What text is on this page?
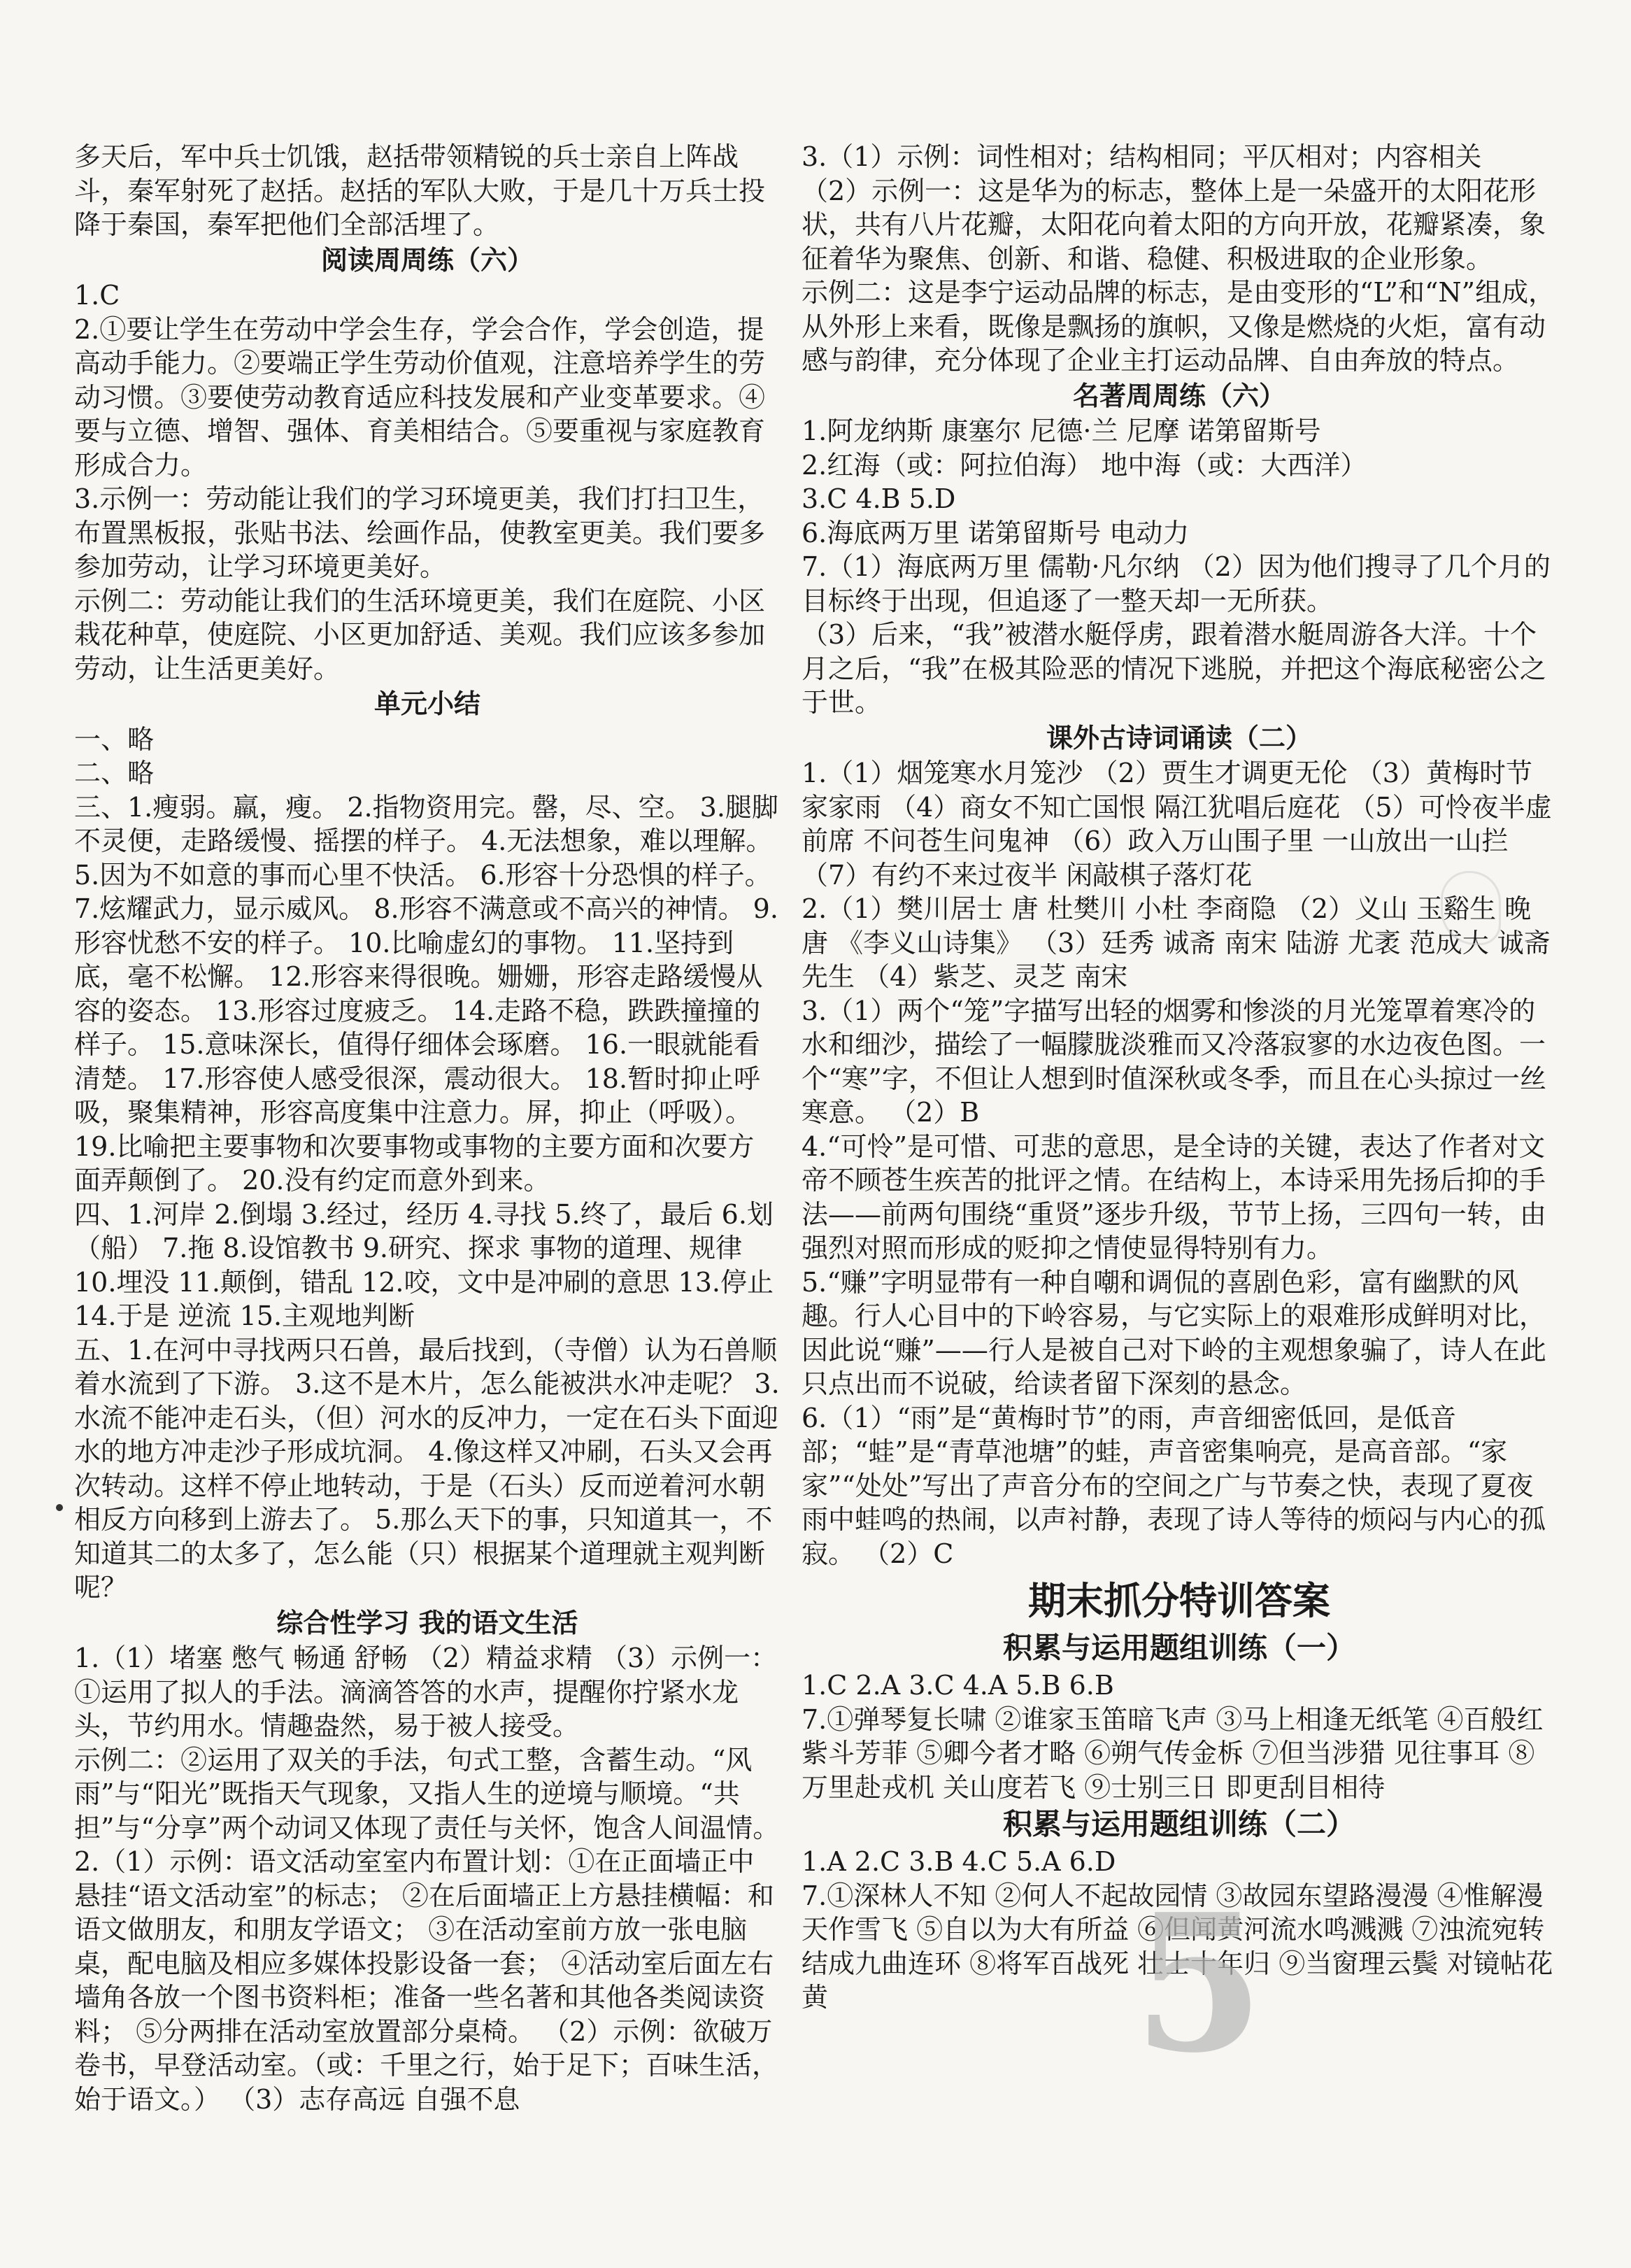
多天后，军中兵士饥饿，赵括带领精锐的兵士亲自上阵战斗，秦军射死了赵括。赵括的军队大败，于是几十万兵士投降于秦国，秦军把他们全部活埋了。

阅读周周练（六）

1.C

2.①要让学生在劳动中学会生存，学会合作，学会创造，提高动手能力。②要端正学生劳动价值观，注意培养学生的劳动习惯。③要使劳动教育适应科技发展和产业变革要求。④要与立德、增智、强体、育美相结合。⑤要重视与家庭教育形成合力。

3.示例一：劳动能让我们的学习环境更美，我们打扫卫生，布置黑板报，张贴书法、绘画作品，使教室更美。我们要多参加劳动，让学习环境更美好。

示例二：劳动能让我们的生活环境更美，我们在庭院、小区栽花种草，使庭院、小区更加舒适、美观。我们应该多参加劳动，让生活更美好。

单元小结

一、略

二、略

三、1.瘦弱。羸，瘦。 2.指物资用完。罄，尽、空。 3.腿脚不灵便，走路缓慢、摇摆的样子。 4.无法想象，难以理解。 5.因为不如意的事而心里不快活。 6.形容十分恐惧的样子。 7.炫耀武力，显示威风。 8.形容不满意或不高兴的神情。 9.形容忧愁不安的样子。 10.比喻虚幻的事物。 11.坚持到底，毫不松懈。 12.形容来得很晚。姗姗，形容走路缓慢从容的姿态。 13.形容过度疲乏。 14.走路不稳，跌跌撞撞的样子。 15.意味深长，值得仔细体会琢磨。 16.一眼就能看清楚。 17.形容使人感受很深，震动很大。 18.暂时抑止呼吸，聚集精神，形容高度集中注意力。屏，抑止（呼吸）。 19.比喻把主要事物和次要事物或事物的主要方面和次要方面弄颠倒了。 20.没有约定而意外到来。

四、1.河岸 2.倒塌 3.经过，经历 4.寻找 5.终了，最后 6.划（船） 7.拖 8.设馆教书 9.研究、探求 事物的道理、规律 10.埋没 11.颠倒，错乱 12.咬，文中是冲刷的意思 13.停止 14.于是 逆流 15.主观地判断

五、1.在河中寻找两只石兽，最后找到，（寺僧）认为石兽顺着水流到了下游。 3.这不是木片，怎么能被洪水冲走呢？ 3.水流不能冲走石头，（但）河水的反冲力，一定在石头下面迎水的地方冲走沙子形成坑洞。 4.像这样又冲刷，石头又会再次转动。这样不停止地转动，于是（石头）反而逆着河水朝相反方向移到上游去了。 5.那么天下的事，只知道其一，不知道其二的太多了，怎么能（只）根据某个道理就主观判断呢？

综合性学习 我的语文生活

1.（1）堵塞 憋气 畅通 舒畅 （2）精益求精 （3）示例一：①运用了拟人的手法。滴滴答答的水声，提醒你拧紧水龙头，节约用水。情趣盎然，易于被人接受。

示例二：②运用了双关的手法，句式工整，含蓄生动。“风雨”与“阳光”既指天气现象，又指人生的逆境与顺境。“共担”与“分享”两个动词又体现了责任与关怀，饱含人间温情。

2.（1）示例：语文活动室室内布置计划：①在正面墙正中悬挂“语文活动室”的标志； ②在后面墙正上方悬挂横幅：和语文做朋友，和朋友学语文； ③在活动室前方放一张电脑桌，配电脑及相应多媒体投影设备一套； ④活动室后面左右墙角各放一个图书资料柜；准备一些名著和其他各类阅读资料； ⑤分两排在活动室放置部分桌椅。 （2）示例：欲破万卷书，早登活动室。（或：千里之行，始于足下；百味生活，始于语文。） （3）志存高远 自强不息

3.（1）示例：词性相对；结构相同；平仄相对；内容相关

（2）示例一：这是华为的标志，整体上是一朵盛开的太阳花形状，共有八片花瓣，太阳花向着太阳的方向开放，花瓣紧凑，象征着华为聚焦、创新、和谐、稳健、积极进取的企业形象。

示例二：这是李宁运动品牌的标志，是由变形的“L”和“N”组成，从外形上来看，既像是飘扬的旗帜，又像是燃烧的火炬，富有动感与韵律，充分体现了企业主打运动品牌、自由奔放的特点。

名著周周练（六）

1.阿龙纳斯 康塞尔 尼德·兰 尼摩 诺第留斯号

2.红海（或：阿拉伯海） 地中海（或：大西洋）

3.C 4.B 5.D

6.海底两万里 诺第留斯号 电动力

7.（1）海底两万里 儒勒·凡尔纳 （2）因为他们搜寻了几个月的目标终于出现，但追逐了一整天却一无所获。

（3）后来，“我”被潜水艇俘虏，跟着潜水艇周游各大洋。十个月之后，“我”在极其险恶的情况下逃脱，并把这个海底秘密公之于世。

课外古诗词诵读（二）

1.（1）烟笼寒水月笼沙 （2）贾生才调更无伦 （3）黄梅时节家家雨 （4）商女不知亡国恨 隔江犹唱后庭花 （5）可怜夜半虚前席 不问苍生问鬼神 （6）政入万山围子里 一山放出一山拦 （7）有约不来过夜半 闲敲棋子落灯花

2.（1）樊川居士 唐 杜樊川 小杜 李商隐 （2）义山 玉谿生 晚唐 《李义山诗集》 （3）廷秀 诚斋 南宋 陆游 尤袤 范成大 诚斋先生 （4）紫芝、灵芝 南宋

3.（1）两个“笼”字描写出轻的烟雾和惨淡的月光笼罩着寒冷的水和细沙，描绘了一幅朦胧淡雅而又冷落寂寥的水边夜色图。一个“寒”字，不但让人想到时值深秋或冬季，而且在心头掠过一丝寒意。 （2）B

4.“可怜”是可惜、可悲的意思，是全诗的关键，表达了作者对文帝不顾苍生疾苦的批评之情。在结构上，本诗采用先扬后抑的手法——前两句围绕“重贤”逐步升级，节节上扬，三四句一转，由强烈对照而形成的贬抑之情使显得特别有力。

5.“赚”字明显带有一种自嘲和调侃的喜剧色彩，富有幽默的风趣。行人心目中的下岭容易，与它实际上的艰难形成鲜明对比，因此说“赚”——行人是被自己对下岭的主观想象骗了，诗人在此只点出而不说破，给读者留下深刻的悬念。

6.（1）“雨”是“黄梅时节”的雨，声音细密低回，是低音部；“蛙”是“青草池塘”的蛙，声音密集响亮，是高音部。“家家”“处处”写出了声音分布的空间之广与节奏之快，表现了夏夜雨中蛙鸣的热闹，以声衬静，表现了诗人等待的烦闷与内心的孤寂。 （2）C

期末抓分特训答案

积累与运用题组训练（一）

1.C 2.A 3.C 4.A 5.B 6.B

7.①弹琴复长啸 ②谁家玉笛暗飞声 ③马上相逢无纸笔 ④百般红紫斗芳菲 ⑤卿今者才略 ⑥朔气传金柝 ⑦但当涉猎 见往事耳 ⑧万里赴戎机 关山度若飞 ⑨士别三日 即更刮目相待

积累与运用题组训练（二）

1.A 2.C 3.B 4.C 5.A 6.D

7.①深林人不知 ②何人不起故园情 ③故园东望路漫漫 ④惟解漫天作雪飞 ⑤自以为大有所益 ⑥但闻黄河流水鸣溅溅 ⑦浊流宛转 结成九曲连环 ⑧将军百战死 壮士十年归 ⑨当窗理云鬓 对镜帖花黄	5
